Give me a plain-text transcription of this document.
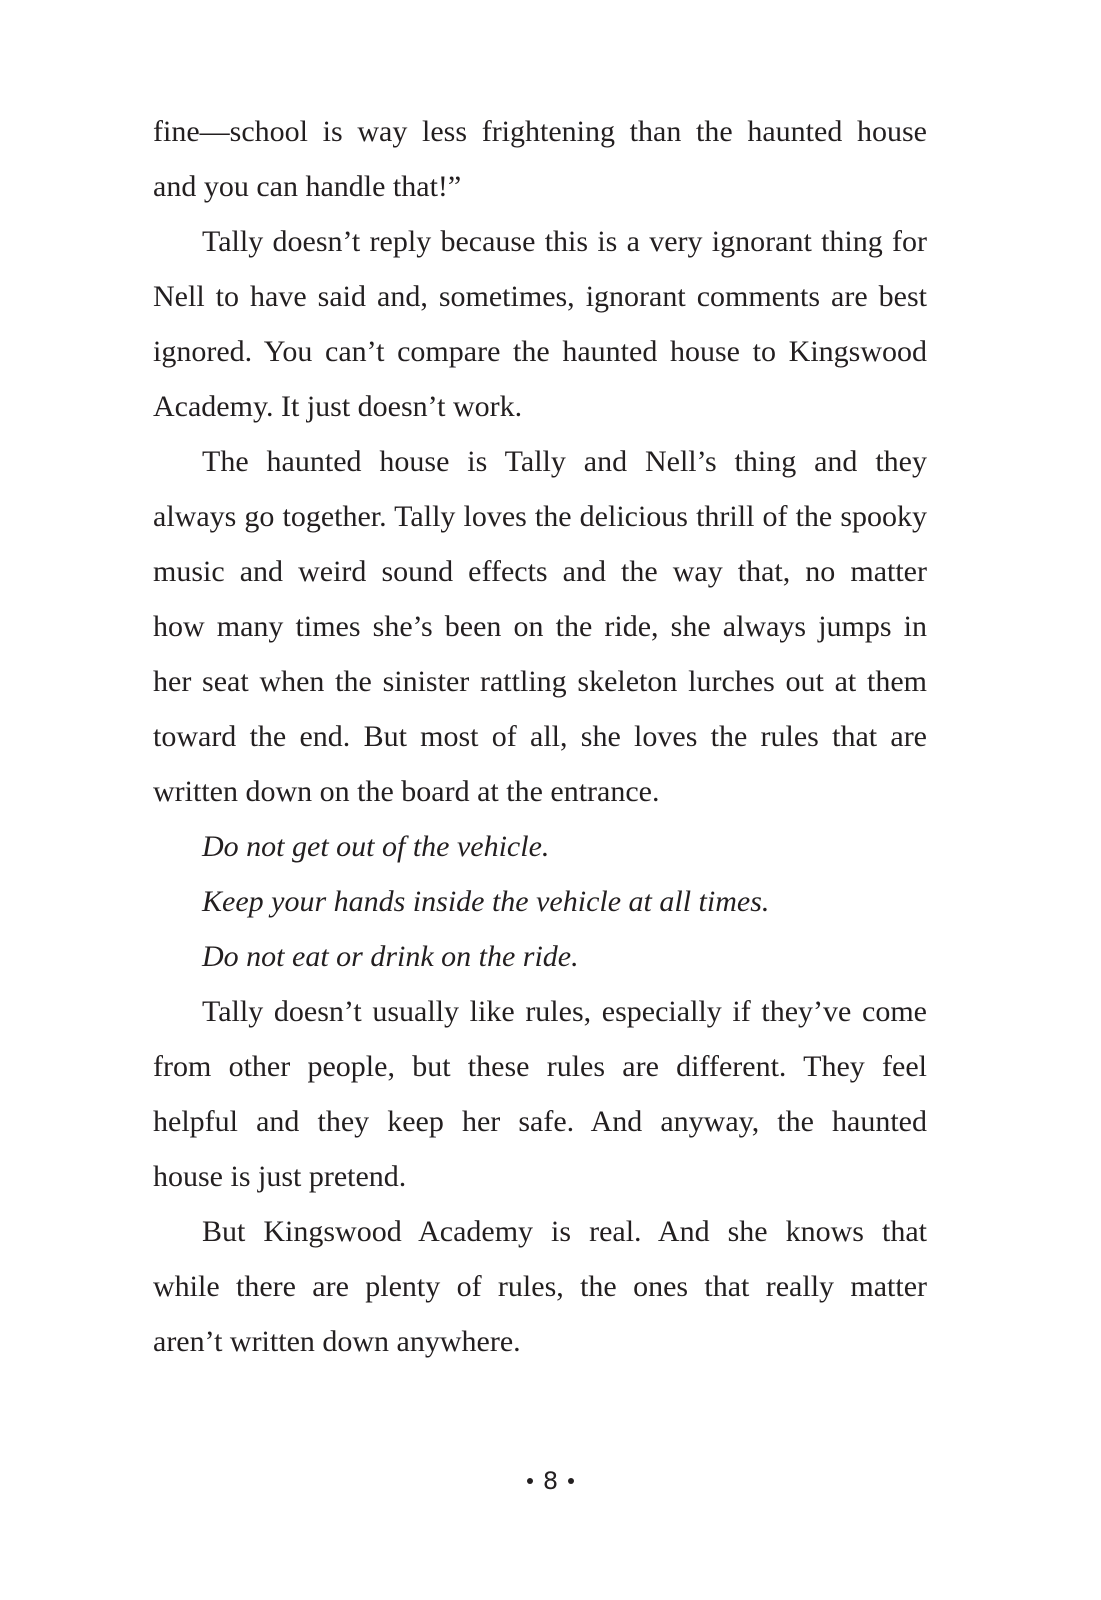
fine—school is way less frightening than the haunted house
and you can handle that!”
Tally doesn’t reply because this is a very ignorant thing for
Nell to have said and, sometimes, ignorant comments are best
ignored. You can’t compare the haunted house to Kingswood
Academy. It just doesn’t work.
The haunted house is Tally and Nell’s thing and they
always go together. Tally loves the delicious thrill of the spooky
music and weird sound effects and the way that, no matter
how many times she’s been on the ride, she always jumps in
her seat when the sinister rattling skeleton lurches out at them
toward the end. But most of all, she loves the rules that are
written down on the board at the entrance.
Do not get out of the vehicle.
Keep your hands inside the vehicle at all times.
Do not eat or drink on the ride.
Tally doesn’t usually like rules, especially if they’ve come
from other people, but these rules are different. They feel
helpful and they keep her safe. And anyway, the haunted
house is just pretend.
But Kingswood Academy is real. And she knows that
while there are plenty of rules, the ones that really matter
aren’t written down anywhere.
8
